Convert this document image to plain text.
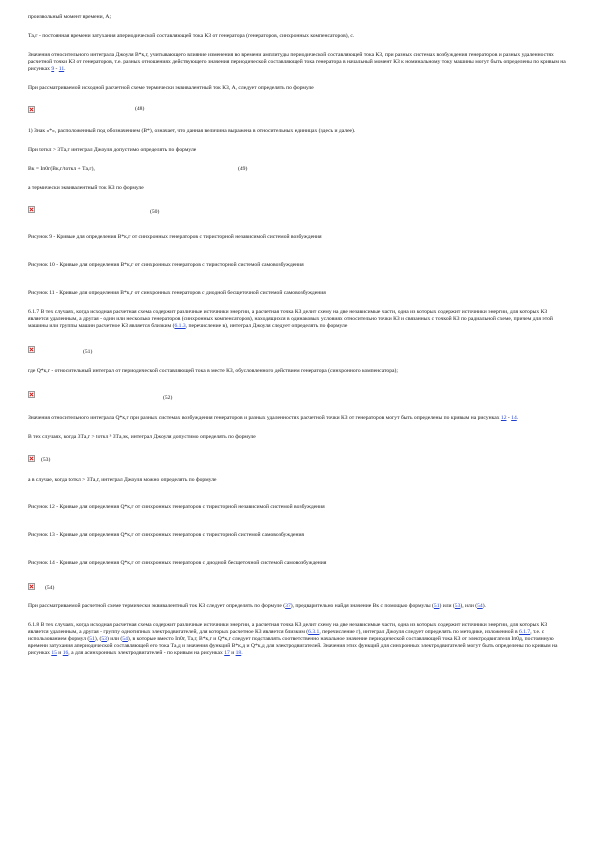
произвольный момент времени, А;

Тa,г - постоянная времени затухания апериодической составляющей тока КЗ от генератора (генераторов, синхронных компенсаторов), с.

Значения относительного интеграла Джоуля B*к,г, учитывающего влияние изменения во времени амплитуды периодической составляющей тока КЗ, при разных системах возбуждения генераторов и разных удаленностях расчетной точки КЗ от генераторов, т.е. разных отношениях действующего значения периодической составляющей тока генератора в начальный момент КЗ к номинальному току машины могут быть определены по кривым на рисунках 9 - 11.

При рассматриваемой исходной расчетной схеме термически эквивалентный ток КЗ, А, следует определять по формуле

(48)

1) Знак «*», расположенный под обозначением (B*), означает, что данная величина выражена в относительных единицах (здесь и далее).

При tоткл > 3Тa,г интеграл Джоуля допустимо определять по формуле

Bк = Iп0г(Bк,г/tоткл + Тa,г),	(49)

а термически эквивалентный ток КЗ по формуле

(50)

Рисунок 9 - Кривые для определения B*к,г от синхронных генераторов с тиристорной независимой системой возбуждения

Рисунок 10 - Кривые для определения B*к,г от синхронных генераторов с тиристорной системой самовозбуждения

Рисунок 11 - Кривые для определения B*к,г от синхронных генераторов с диодной бесщеточной системой самовозбуждения

6.1.7 В тех случаях, когда исходная расчетная схема содержит различные источники энергии, а расчетная точка КЗ делит схему на две независимые части, одна из которых содержит источники энергии, для которых КЗ является удаленным, а другая - один или несколько генераторов (синхронных компенсаторов), находящихся в одинаковых условиях относительно точки КЗ и связанных с точкой КЗ по радиальной схеме, причем для этой машины или группы машин расчетное КЗ является близким (6.1.3, перечисление в), интеграл Джоуля следует определять по формуле

(51)

где Q*к,г - относительный интеграл от периодической составляющей тока в месте КЗ, обусловленного действием генератора (синхронного компенсатора);

(52)

Значения относительного интеграла Q*к,г при разных системах возбуждения генераторов и разных удаленностях расчетной точки КЗ от генераторов могут быть определены по кривым на рисунках 12 - 14.

В тех случаях, когда 3Тa,г > tоткл ³ 3Тa,эк, интеграл Джоуля допустимо определять по формуле

(53)

а в случае, когда tоткл > 3Тa,г, интеграл Джоуля можно определять по формуле

Рисунок 12 - Кривые для определения Q*к,г от синхронных генераторов с тиристорной независимой системой возбуждения

Рисунок 13 - Кривые для определения Q*к,г от синхронных генераторов с тиристорной системой самовозбуждения

Рисунок 14 - Кривые для определения Q*к,г от синхронных генераторов с диодной бесщеточной системой самовозбуждения

(54)

При рассматриваемой расчетной схеме термически эквивалентный ток КЗ следует определять по формуле (37), предварительно найдя значение Bк с помощью формулы (51) или (53), или (54).

6.1.8 В тех случаях, когда исходная расчетная схема содержит различные источники энергии, а расчетная точка КЗ делит схему на две независимые части, одна из которых содержит источники энергии, для которых КЗ является удаленным, а другая - группу однотипных электродвигателей, для которых расчетное КЗ является близким (6.3.1, перечисление г), интеграл Джоуля следует определять по методике, изложенной в 6.1.7, т.е. с использованием формул (51), (53) или (54), в которые вместо Iп0г, Тa,г, B*к,г и Q*к,г следует подставлять соответственно начальное значение периодической составляющей тока КЗ от электродвигателя Iп0д, постоянную времени затухания апериодической составляющей его тока Тa,д и значения функций B*к,д и Q*к,д для электродвигателей. Значения этих функций для синхронных электродвигателей могут быть определены по кривым на рисунках 15 и 16, а для асинхронных электродвигателей - по кривым на рисунках 17 и 18.
